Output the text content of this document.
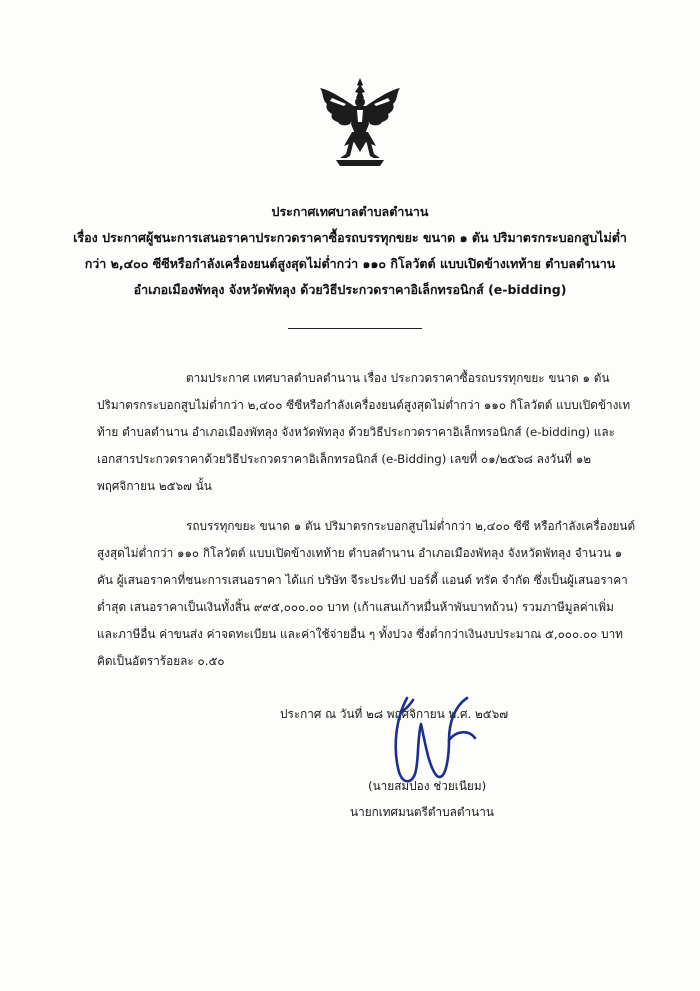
ประกาศเทศบาลตำบลตำนาน
เรื่อง ประกาศผู้ชนะการเสนอราคาประกวดราคาซื้อรถบรรทุกขยะ ขนาด ๑ ตัน ปริมาตรกระบอกสูบไม่ต่ำ
กว่า ๒,๔๐๐ ซีซีหรือกำลังเครื่องยนต์สูงสุดไม่ต่ำกว่า ๑๑๐ กิโลวัตต์ แบบเปิดข้างเทท้าย ตำบลตำนาน
อำเภอเมืองพัทลุง จังหวัดพัทลุง ด้วยวิธีประกวดราคาอิเล็กทรอนิกส์ (e-bidding)
ตามประกาศ เทศบาลตำบลตำนาน เรื่อง ประกวดราคาซื้อรถบรรทุกขยะ ขนาด ๑ ตัน
ปริมาตรกระบอกสูบไม่ต่ำกว่า ๒,๔๐๐ ซีซีหรือกำลังเครื่องยนต์สูงสุดไม่ต่ำกว่า ๑๑๐ กิโลวัตต์ แบบเปิดข้างเท
ท้าย ตำบลตำนาน อำเภอเมืองพัทลุง จังหวัดพัทลุง ด้วยวิธีประกวดราคาอิเล็กทรอนิกส์ (e-bidding) และ
เอกสารประกวดราคาด้วยวิธีประกวดราคาอิเล็กทรอนิกส์ (e-Bidding) เลขที่ ๐๑/๒๕๖๘ ลงวันที่ ๑๒
พฤศจิกายน ๒๕๖๗ นั้น
รถบรรทุกขยะ ขนาด ๑ ตัน ปริมาตรกระบอกสูบไม่ต่ำกว่า ๒,๔๐๐ ซีซี หรือกำลังเครื่องยนต์
สูงสุดไม่ต่ำกว่า ๑๑๐ กิโลวัตต์ แบบเปิดข้างเทท้าย ตำบลตำนาน อำเภอเมืองพัทลุง จังหวัดพัทลุง จำนวน ๑
คัน ผู้เสนอราคาที่ชนะการเสนอราคา ได้แก่ บริษัท จีระประทีป บอร์ดี้ แอนด์ ทรัค จำกัด ซึ่งเป็นผู้เสนอราคา
ต่ำสุด เสนอราคาเป็นเงินทั้งสิ้น ๙๙๕,๐๐๐.๐๐ บาท (เก้าแสนเก้าหมื่นห้าพันบาทถ้วน) รวมภาษีมูลค่าเพิ่ม
และภาษีอื่น ค่าขนส่ง ค่าจดทะเบียน และค่าใช้จ่ายอื่น ๆ ทั้งปวง ซึ่งต่ำกว่าเงินงบประมาณ ๕,๐๐๐.๐๐ บาท
คิดเป็นอัตราร้อยละ ๐.๕๐
ประกาศ ณ วันที่ ๒๘ พฤศจิกายน พ.ศ. ๒๕๖๗
(นายสมปอง ช่วยเนียม)
นายกเทศมนตรีตำบลตำนาน
